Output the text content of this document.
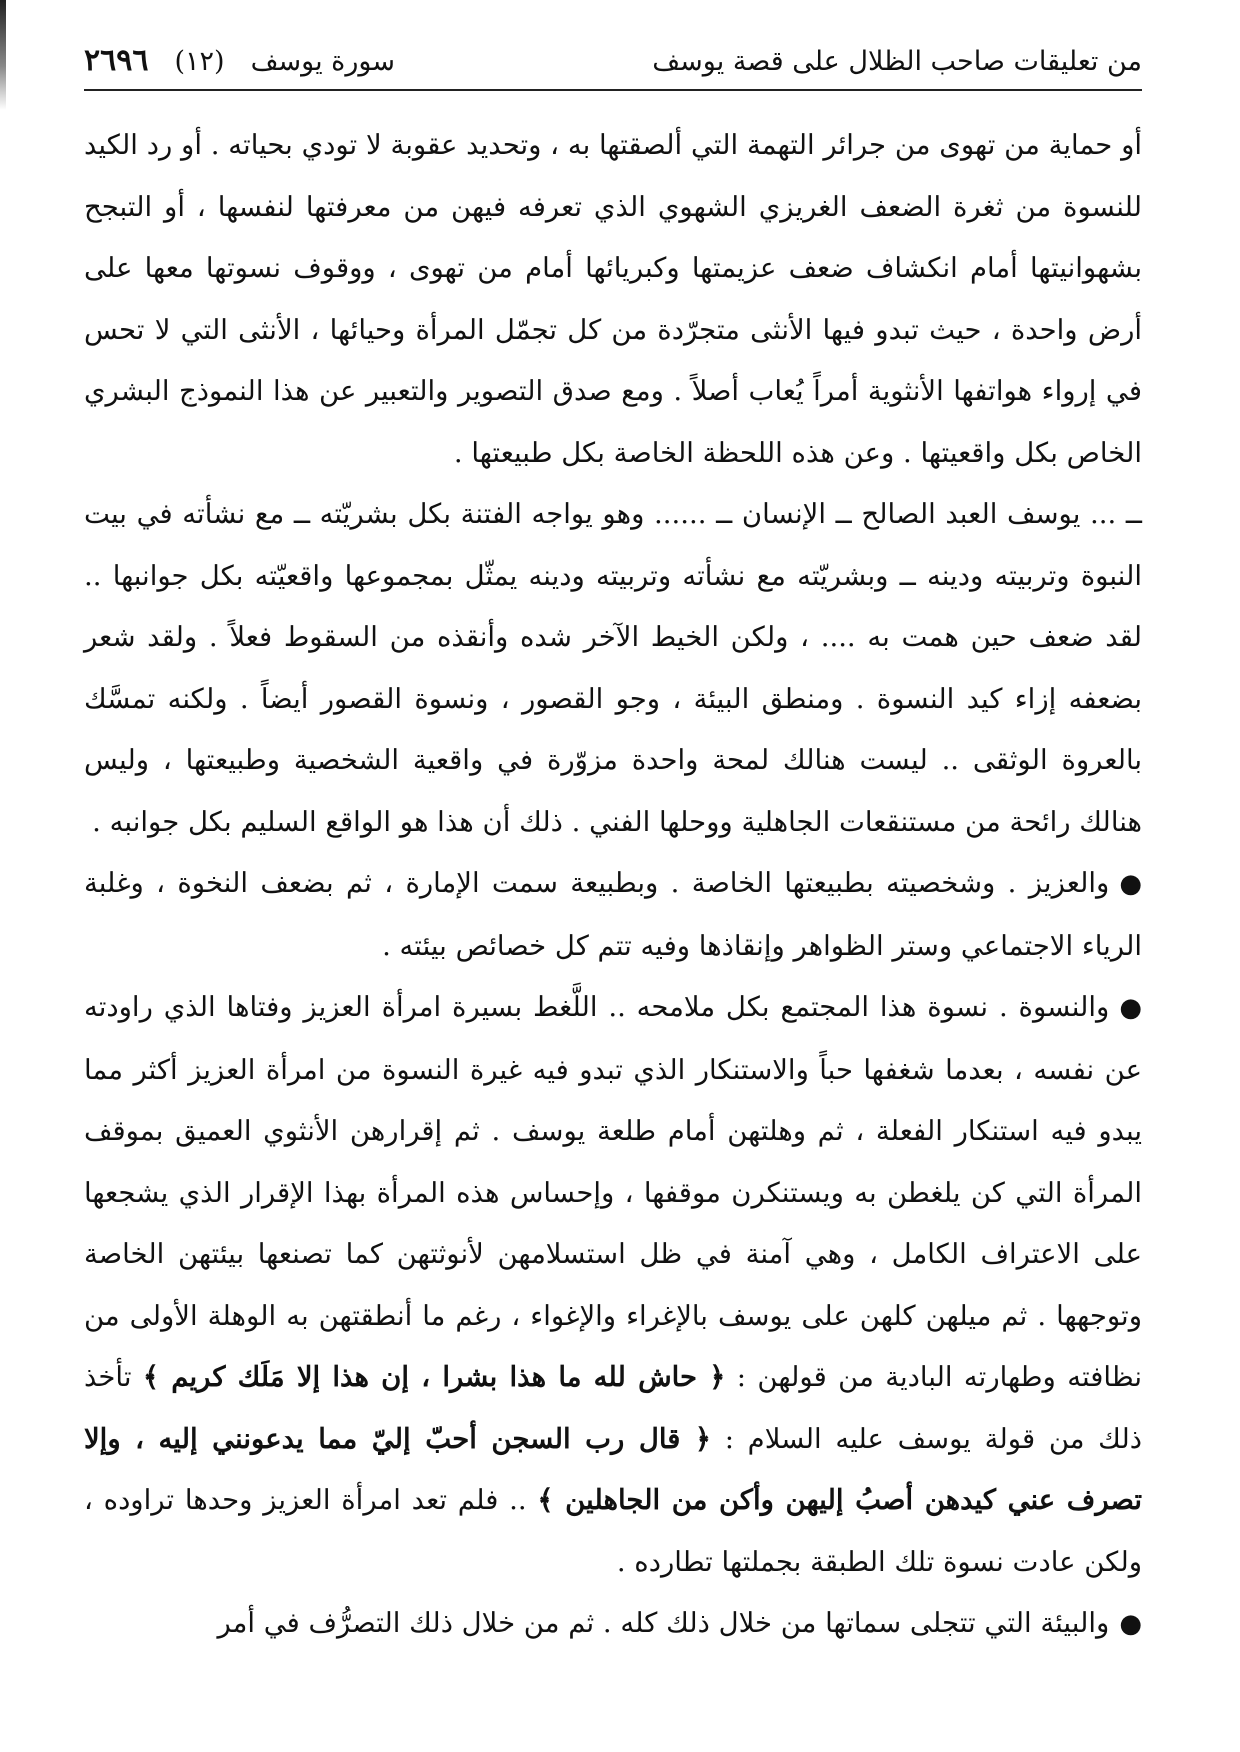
من تعليقات صاحب الظلال على قصة يوسف
سورة يوسف
(١٢)
٢٦٩٦

أو حماية من تهوى من جرائر التهمة التي ألصقتها به ، وتحديد عقوبة لا تودي بحياته . أو رد الكيد للنسوة من ثغرة الضعف الغريزي الشهوي الذي تعرفه فيهن من معرفتها لنفسها ، أو التبجح بشهوانيتها أمام انكشاف ضعف عزيمتها وكبريائها أمام من تهوى ، ووقوف نسوتها معها على أرض واحدة ، حيث تبدو فيها الأنثى متجرّدة من كل تجمّل المرأة وحيائها ، الأنثى التي لا تحس في إرواء هواتفها الأنثوية أمراً يُعاب أصلاً . ومع صدق التصوير والتعبير عن هذا النموذج البشري الخاص بكل واقعيتها . وعن هذه اللحظة الخاصة بكل طبيعتها .

ــ ... يوسف العبد الصالح ــ الإنسان ــ ...... وهو يواجه الفتنة بكل بشريّته ــ مع نشأته في بيت النبوة وتربيته ودينه ــ وبشريّته مع نشأته وتربيته ودينه يمثّل بمجموعها واقعيّته بكل جوانبها .. لقد ضعف حين همت به .... ، ولكن الخيط الآخر شده وأنقذه من السقوط فعلاً . ولقد شعر بضعفه إزاء كيد النسوة . ومنطق البيئة ، وجو القصور ، ونسوة القصور أيضاً . ولكنه تمسَّك بالعروة الوثقى .. ليست هنالك لمحة واحدة مزوّرة في واقعية الشخصية وطبيعتها ، وليس هنالك رائحة من مستنقعات الجاهلية ووحلها الفني . ذلك أن هذا هو الواقع السليم بكل جوانبه .

●والعزيز . وشخصيته بطبيعتها الخاصة . وبطبيعة سمت الإمارة ، ثم بضعف النخوة ، وغلبة الرياء الاجتماعي وستر الظواهر وإنقاذها وفيه تتم كل خصائص بيئته .

●والنسوة . نسوة هذا المجتمع بكل ملامحه .. اللَّغط بسيرة امرأة العزيز وفتاها الذي راودته عن نفسه ، بعدما شغفها حباً والاستنكار الذي تبدو فيه غيرة النسوة من امرأة العزيز أكثر مما يبدو فيه استنكار الفعلة ، ثم وهلتهن أمام طلعة يوسف . ثم إقرارهن الأنثوي العميق بموقف المرأة التي كن يلغطن به ويستنكرن موقفها ، وإحساس هذه المرأة بهذا الإقرار الذي يشجعها على الاعتراف الكامل ، وهي آمنة في ظل استسلامهن لأنوثتهن كما تصنعها بيئتهن الخاصة وتوجهها . ثم ميلهن كلهن على يوسف بالإغراء والإغواء ، رغم ما أنطقتهن به الوهلة الأولى من نظافته وطهارته البادية من قولهن : ﴿ حاش لله ما هذا بشرا ، إن هذا إلا مَلَك كريم ﴾ تأخذ ذلك من قولة يوسف عليه السلام : ﴿ قال رب السجن أحبّ إليّ مما يدعونني إليه ، وإلا تصرف عني كيدهن أصبُ إليهن وأكن من الجاهلين ﴾ .. فلم تعد امرأة العزيز وحدها تراوده ، ولكن عادت نسوة تلك الطبقة بجملتها تطارده .

●والبيئة التي تتجلى سماتها من خلال ذلك كله . ثم من خلال ذلك التصرُّف في أمر
